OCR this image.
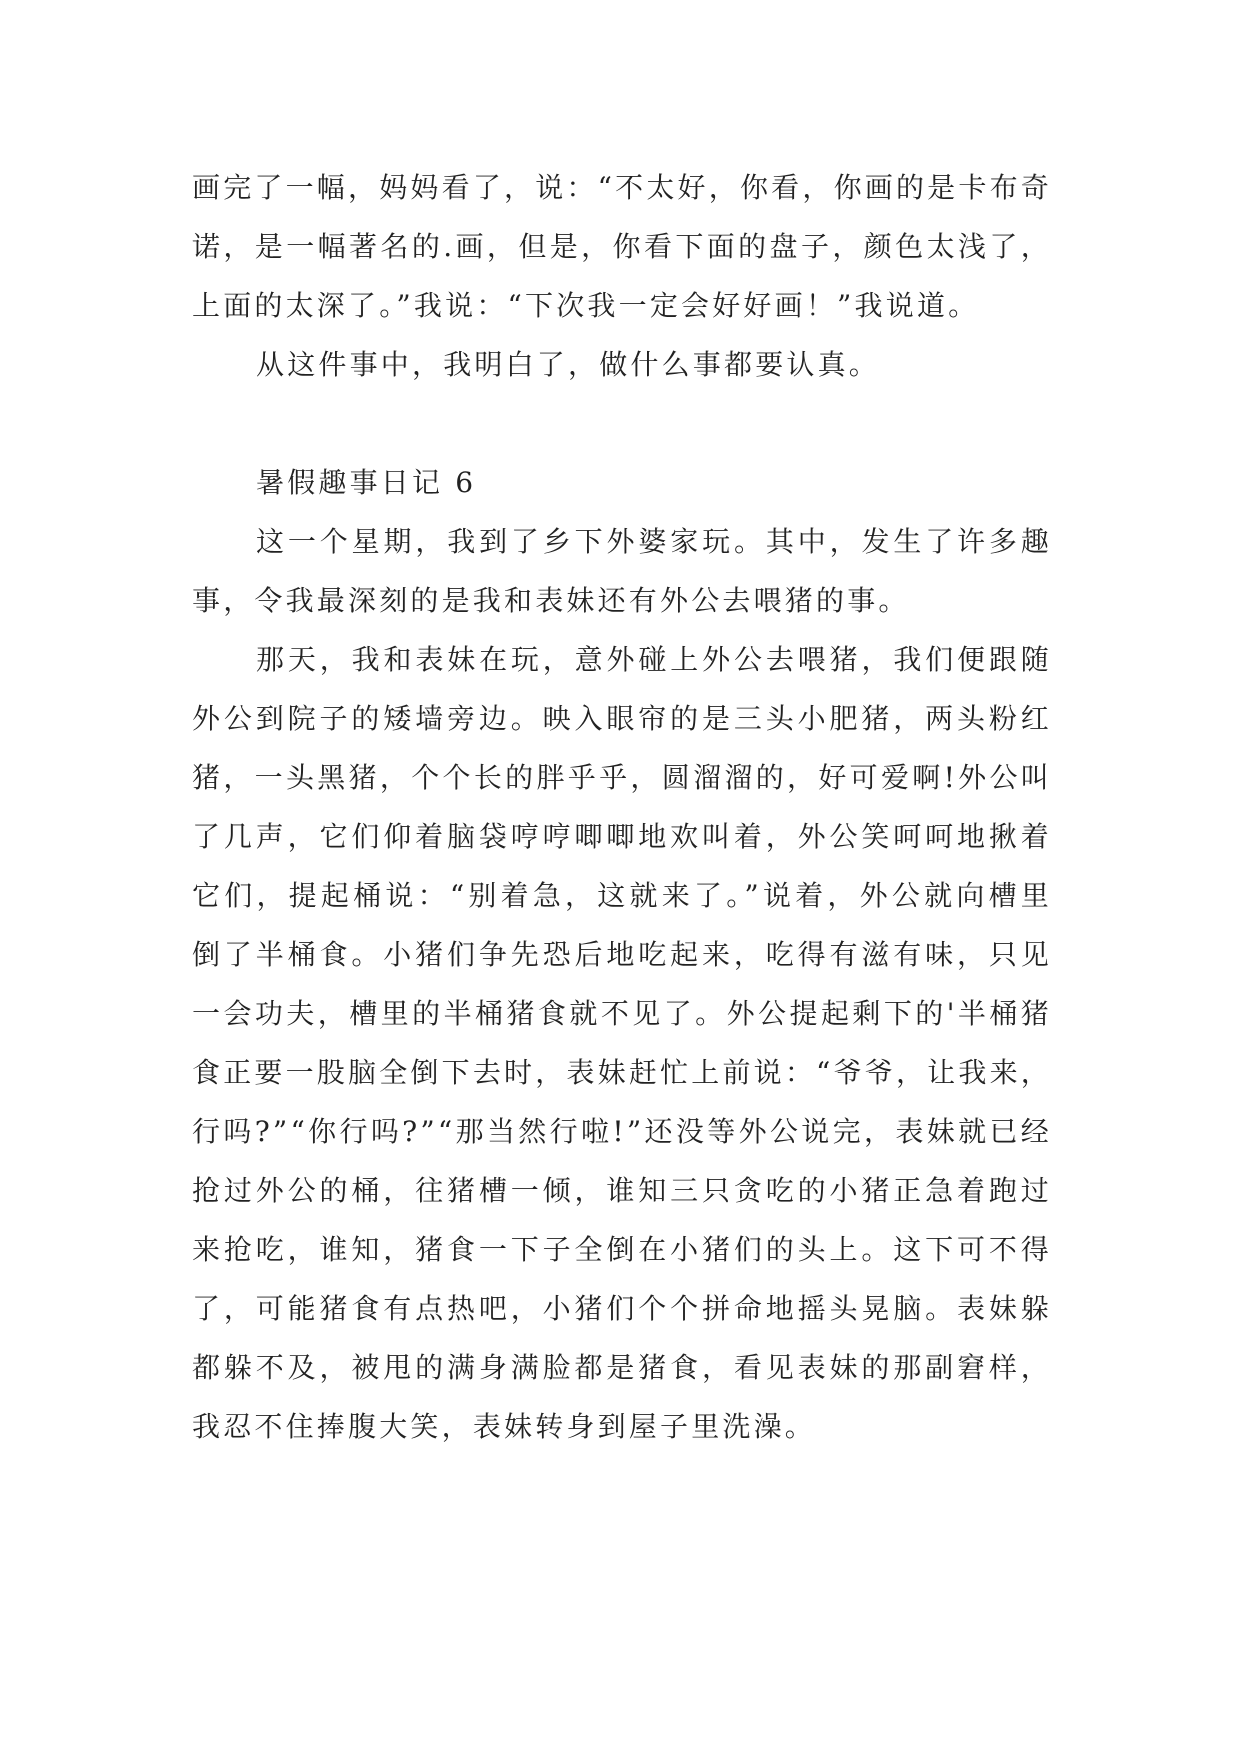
画完了一幅，妈妈看了，说：“不太好，你看，你画的是卡布奇诺，是一幅著名的.画，但是，你看下面的盘子，颜色太浅了，上面的太深了。”我说：“下次我一定会好好画！”我说道。

从这件事中，我明白了，做什么事都要认真。

暑假趣事日记 6

这一个星期，我到了乡下外婆家玩。其中，发生了许多趣事，令我最深刻的是我和表妹还有外公去喂猪的事。

那天，我和表妹在玩，意外碰上外公去喂猪，我们便跟随外公到院子的矮墙旁边。映入眼帘的是三头小肥猪，两头粉红猪，一头黑猪，个个长的胖乎乎，圆溜溜的，好可爱啊!外公叫了几声，它们仰着脑袋哼哼唧唧地欢叫着，外公笑呵呵地揪着它们，提起桶说：“别着急，这就来了。”说着，外公就向槽里倒了半桶食。小猪们争先恐后地吃起来，吃得有滋有味，只见一会功夫，槽里的半桶猪食就不见了。外公提起剩下的'半桶猪食正要一股脑全倒下去时，表妹赶忙上前说：“爷爷，让我来，行吗?”“你行吗?”“那当然行啦!”还没等外公说完，表妹就已经抢过外公的桶，往猪槽一倾，谁知三只贪吃的小猪正急着跑过来抢吃，谁知，猪食一下子全倒在小猪们的头上。这下可不得了，可能猪食有点热吧，小猪们个个拼命地摇头晃脑。表妹躲都躲不及，被甩的满身满脸都是猪食，看见表妹的那副窘样，我忍不住捧腹大笑，表妹转身到屋子里洗澡。
